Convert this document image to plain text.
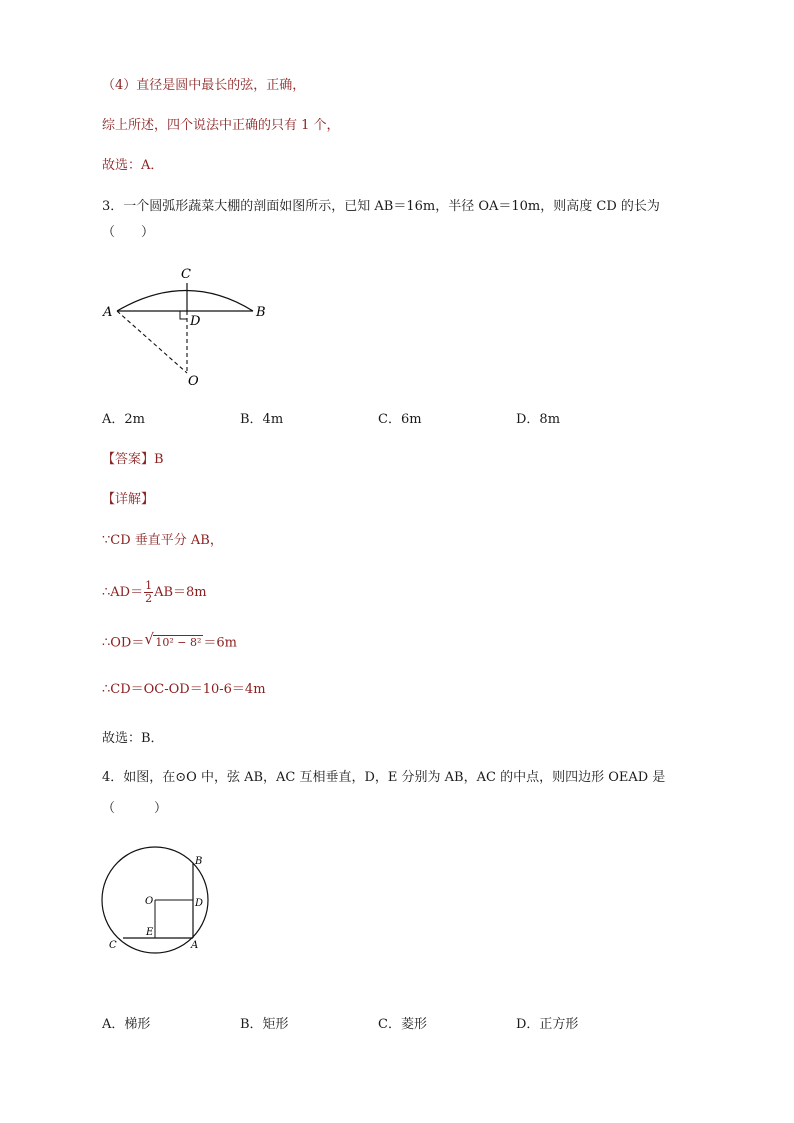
（4）直径是圆中最长的弦，正确，
综上所述，四个说法中正确的只有 1 个，
故选：A．
3．一个圆弧形蔬菜大棚的剖面如图所示，已知 AB＝16m，半径 OA＝10m，则高度 CD 的长为
（　　）
A	B
C
D
O
A．2m	B．4m	C．6m	D．8m
【答案】B
【详解】
∵CD 垂直平分 AB，
∴AD＝ $\frac{1}{2} AB=8m$
∴OD＝ √ 10² − 8² ＝6m
∴CD＝OC-OD＝10-6＝4m
故选：B．
4．如图，在⊙O 中，弦 AB，AC 互相垂直，D，E 分别为 AB，AC 的中点，则四边形 OEAD 是
（　　　）
B
O	D
E
C	A
A．梯形	B．矩形	C．菱形	D．正方形
